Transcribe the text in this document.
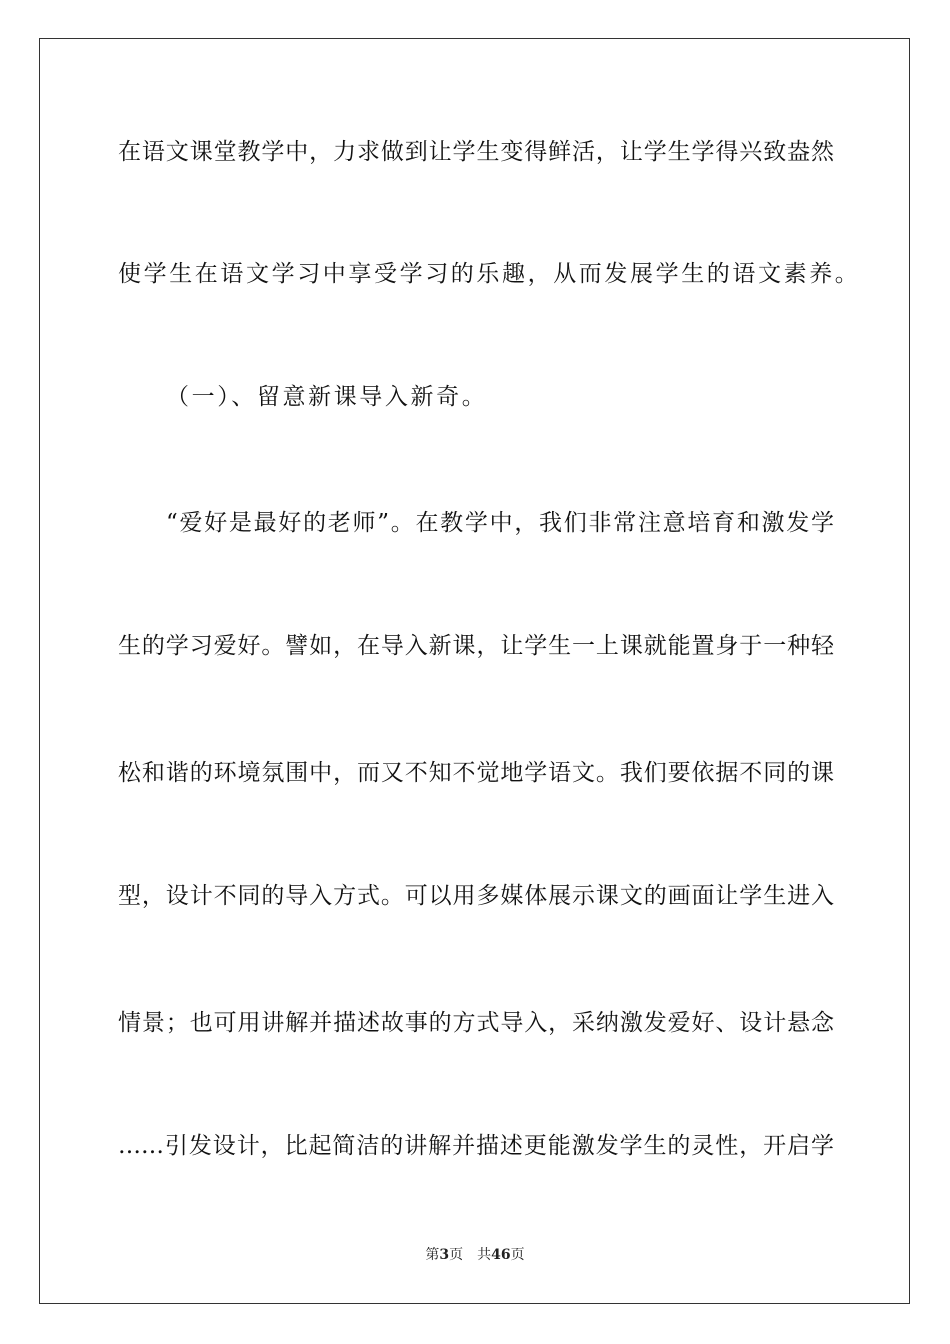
在语文课堂教学中，力求做到让学生变得鲜活，让学生学得兴致盎然
使学生在语文学习中享受学习的乐趣，从而发展学生的语文素养。
（一）、留意新课导入新奇。
“爱好是最好的老师”。在教学中，我们非常注意培育和激发学
生的学习爱好。譬如，在导入新课，让学生一上课就能置身于一种轻
松和谐的环境氛围中，而又不知不觉地学语文。我们要依据不同的课
型，设计不同的导入方式。可以用多媒体展示课文的画面让学生进入
情景；也可用讲解并描述故事的方式导入，采纳激发爱好、设计悬念
……引发设计，比起简洁的讲解并描述更能激发学生的灵性，开启学
第3页 共46页
